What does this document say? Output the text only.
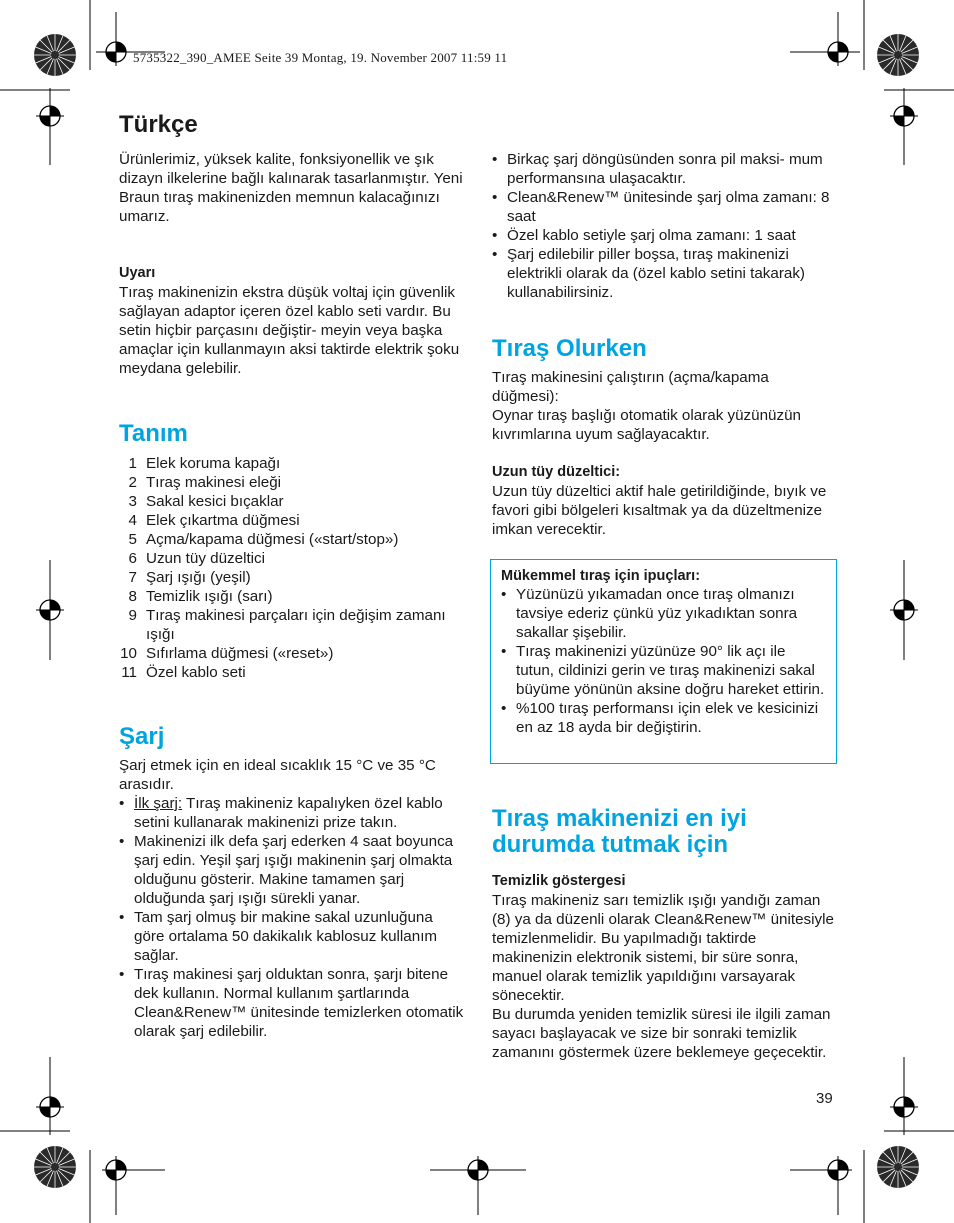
5735322_390_AMEE Seite 39 Montag, 19. November 2007 11:59 11
Türkçe

Ürünlerimiz, yüksek kalite, fonksiyonellik ve şık dizayn ilkelerine bağlı kalınarak tasarlanmıştır. Yeni Braun tıraş makinenizden memnun kalacağınızı umarız.

Uyarı

Tıraş makinenizin ekstra düşük voltaj için güvenlik sağlayan adaptor içeren özel kablo seti vardır. Bu setin hiçbir parçasını değiştir- meyin veya başka amaçlar için kullanmayın aksi taktirde elektrik şoku meydana gelebilir.

Tanım
1 Elek koruma kapağı
2 Tıraş makinesi eleği
3 Sakal kesici bıçaklar
4 Elek çıkartma düğmesi
5 Açma/kapama düğmesi («start/stop»)
6 Uzun tüy düzeltici
7 Şarj ışığı (yeşil)
8 Temizlik ışığı (sarı)
9 Tıraş makinesi parçaları için değişim zamanı ışığı
10 Sıfırlama düğmesi («reset»)
11 Özel kablo seti
Şarj

Şarj etmek için en ideal sıcaklık 15 °C ve 35 °C arasıdır.

• İlk şarj: Tıraş makineniz kapalıyken özel kablo setini kullanarak makinenizi prize takın.
• Makinenizi ilk defa şarj ederken 4 saat boyunca şarj edin. Yeşil şarj ışığı makinenin şarj olmakta olduğunu gösterir. Makine tamamen şarj olduğunda şarj ışığı sürekli yanar.
• Tam şarj olmuş bir makine sakal uzunluğuna göre ortalama 50 dakikalık kablosuz kullanım sağlar.
• Tıraş makinesi şarj olduktan sonra, şarjı bitene dek kullanın. Normal kullanım şartlarında Clean&Renew™ ünitesinde temizlerken otomatik olarak şarj edilebilir.
• Birkaç şarj döngüsünden sonra pil maksi- mum performansına ulaşacaktır.
• Clean&Renew™ ünitesinde şarj olma zamanı: 8 saat
• Özel kablo setiyle şarj olma zamanı: 1 saat
• Şarj edilebilir piller boşsa, tıraş makinenizi elektrikli olarak da (özel kablo setini takarak) kullanabilirsiniz.
Tıraş Olurken

Tıraş makinesini çalıştırın (açma/kapama düğmesi):

Oynar tıraş başlığı otomatik olarak yüzünüzün kıvrımlarına uyum sağlayacaktır.

Uzun tüy düzeltici:

Uzun tüy düzeltici aktif hale getirildiğinde, bıyık ve favori gibi bölgeleri kısaltmak ya da düzeltmenize imkan verecektir.

Mükemmel tıraş için ipuçları:
• Yüzünüzü yıkamadan once tıraş olmanızı tavsiye ederiz çünkü yüz yıkadıktan sonra sakallar şişebilir.
• Tıraş makinenizi yüzünüze 90° lik açı ile tutun, cildinizi gerin ve tıraş makinenizi sakal büyüme yönünün aksine doğru hareket ettirin.
• %100 tıraş performansı için elek ve kesicinizi en az 18 ayda bir değiştirin.
Tıraş makinenizi en iyi durumda tutmak için
Temizlik göstergesi

Tıraş makineniz sarı temizlik ışığı yandığı zaman (8) ya da düzenli olarak Clean&Renew™ ünitesiyle temizlenmelidir. Bu yapılmadığı taktirde makinenizin elektronik sistemi, bir süre sonra, manuel olarak temizlik yapıldığını varsayarak sönecektir.

Bu durumda yeniden temizlik süresi ile ilgili zaman sayacı başlayacak ve size bir sonraki temizlik zamanını göstermek üzere beklemeye geçecektir.

39
